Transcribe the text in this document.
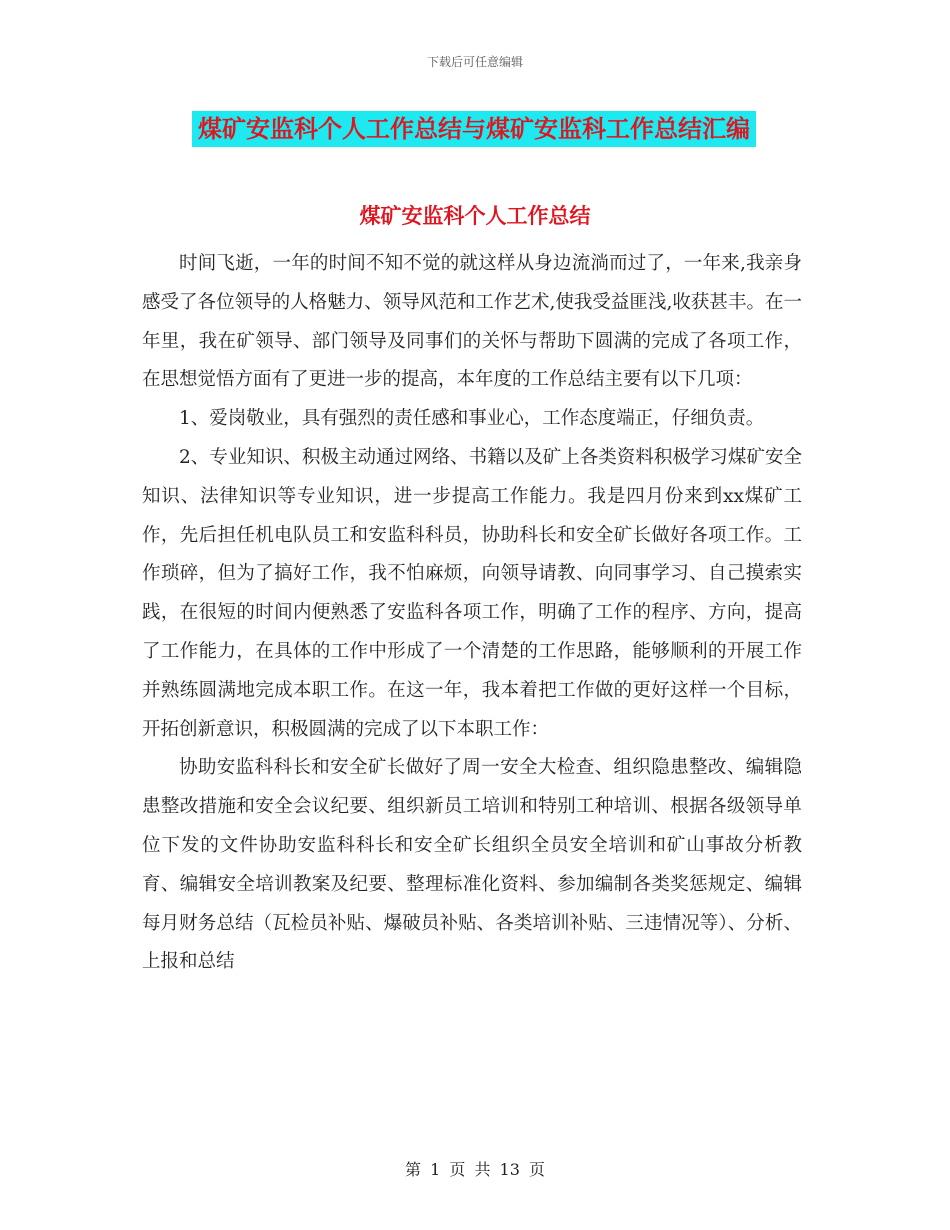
下载后可任意编辑
煤矿安监科个人工作总结与煤矿安监科工作总结汇编
煤矿安监科个人工作总结

时间飞逝，一年的时间不知不觉的就这样从身边流淌而过了，一年来,我亲身感受了各位领导的人格魅力、领导风范和工作艺术,使我受益匪浅,收获甚丰。在一年里，我在矿领导、部门领导及同事们的关怀与帮助下圆满的完成了各项工作，在思想觉悟方面有了更进一步的提高，本年度的工作总结主要有以下几项：

1、爱岗敬业，具有强烈的责任感和事业心，工作态度端正，仔细负责。

2、专业知识、积极主动通过网络、书籍以及矿上各类资料积极学习煤矿安全知识、法律知识等专业知识，进一步提高工作能力。我是四月份来到xx煤矿工作，先后担任机电队员工和安监科科员，协助科长和安全矿长做好各项工作。工作琐碎，但为了搞好工作，我不怕麻烦，向领导请教、向同事学习、自己摸索实践，在很短的时间内便熟悉了安监科各项工作，明确了工作的程序、方向，提高了工作能力，在具体的工作中形成了一个清楚的工作思路，能够顺利的开展工作并熟练圆满地完成本职工作。在这一年，我本着把工作做的更好这样一个目标，开拓创新意识，积极圆满的完成了以下本职工作：

协助安监科科长和安全矿长做好了周一安全大检查、组织隐患整改、编辑隐患整改措施和安全会议纪要、组织新员工培训和特别工种培训、根据各级领导单位下发的文件协助安监科科长和安全矿长组织全员安全培训和矿山事故分析教育、编辑安全培训教案及纪要、整理标准化资料、参加编制各类奖惩规定、编辑每月财务总结（瓦检员补贴、爆破员补贴、各类培训补贴、三违情况等）、分析、上报和总结

第 1 页 共 13 页
